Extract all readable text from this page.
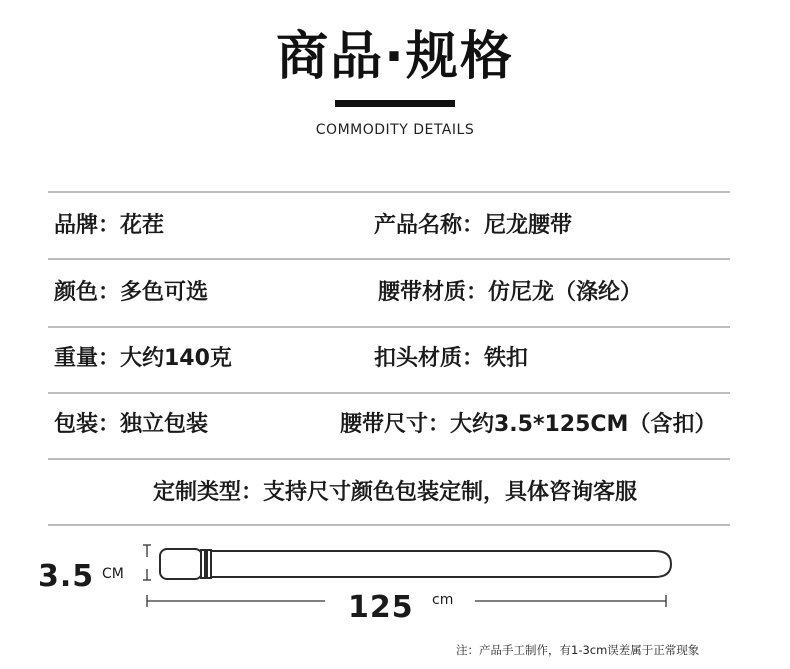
商品·规格
COMMODITY DETAILS
品牌：花茬	产品名称：尼龙腰带
颜色：多色可选	腰带材质：仿尼龙（涤纶）
重量：大约140克	扣头材质：铁扣
包装：独立包装	腰带尺寸：大约3.5*125CM（含扣）
定制类型：支持尺寸颜色包装定制，具体咨询客服
3.5 CM
125 cm
注：产品手工制作，有1-3cm误差属于正常现象
